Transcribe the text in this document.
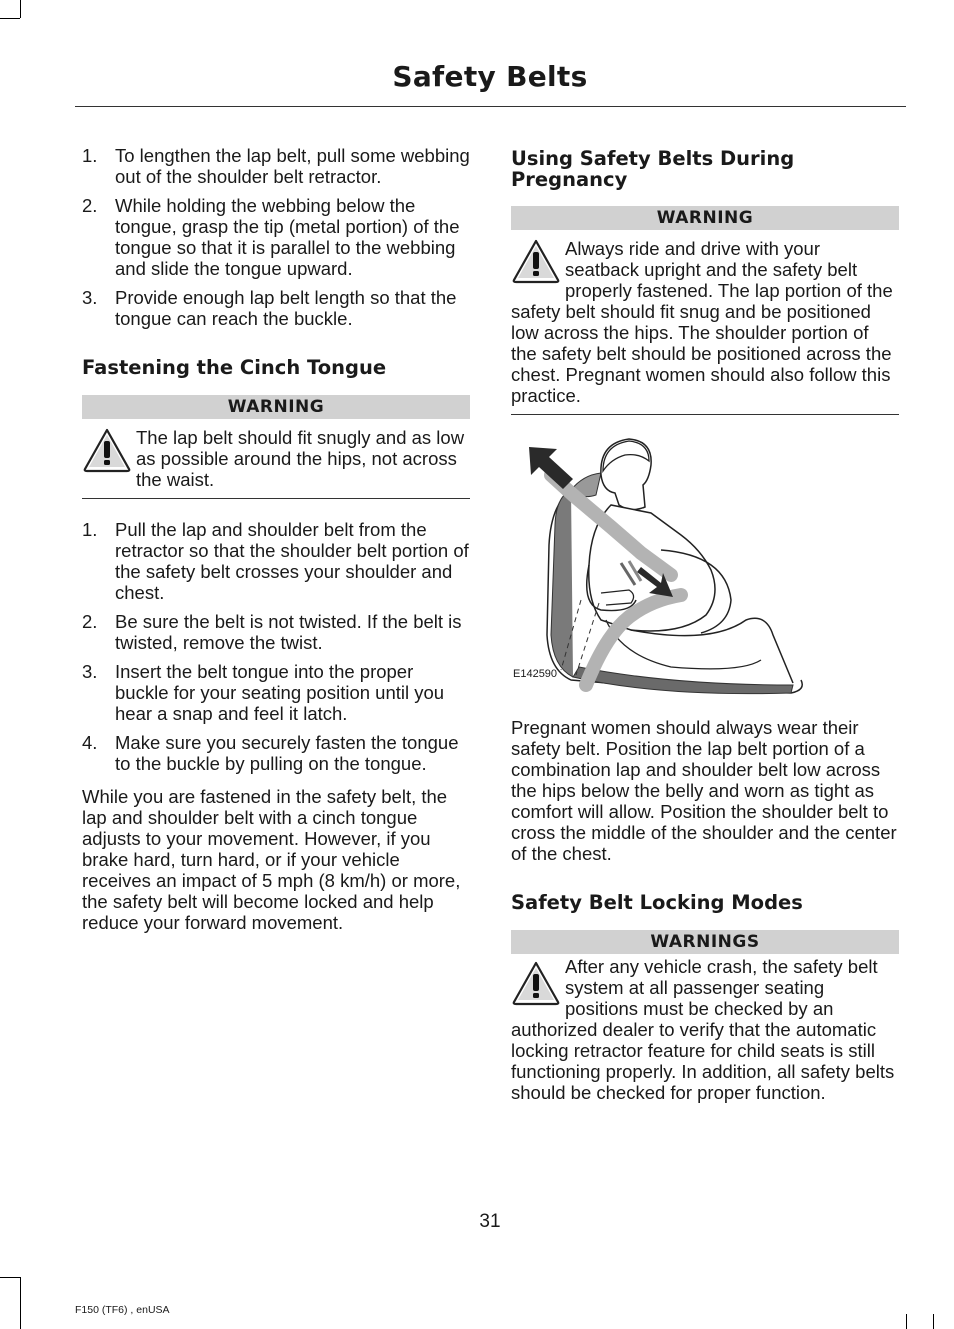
Safety Belts
1. To lengthen the lap belt, pull some webbing out of the shoulder belt retractor.
2. While holding the webbing below the tongue, grasp the tip (metal portion) of the tongue so that it is parallel to the webbing and slide the tongue upward.
3. Provide enough lap belt length so that the tongue can reach the buckle.
Fastening the Cinch Tongue
WARNING
The lap belt should fit snugly and as low as possible around the hips, not across the waist.
1. Pull the lap and shoulder belt from the retractor so that the shoulder belt portion of the safety belt crosses your shoulder and chest.
2. Be sure the belt is not twisted. If the belt is twisted, remove the twist.
3. Insert the belt tongue into the proper buckle for your seating position until you hear a snap and feel it latch.
4. Make sure you securely fasten the tongue to the buckle by pulling on the tongue.

While you are fastened in the safety belt, the lap and shoulder belt with a cinch tongue adjusts to your movement. However, if you brake hard, turn hard, or if your vehicle receives an impact of 5 mph (8 km/h) or more, the safety belt will become locked and help reduce your forward movement.

Using Safety Belts During Pregnancy
WARNING
Always ride and drive with your seatback upright and the safety belt properly fastened. The lap portion of the safety belt should fit snug and be positioned low across the hips. The shoulder portion of the safety belt should be positioned across the chest. Pregnant women should also follow this practice.
E142590

Pregnant women should always wear their safety belt. Position the lap belt portion of a combination lap and shoulder belt low across the hips below the belly and worn as tight as comfort will allow. Position the shoulder belt to cross the middle of the shoulder and the center of the chest.

Safety Belt Locking Modes
WARNINGS
After any vehicle crash, the safety belt system at all passenger seating positions must be checked by an authorized dealer to verify that the automatic locking retractor feature for child seats is still functioning properly. In addition, all safety belts should be checked for proper function.
31
F150 (TF6) , enUSA
